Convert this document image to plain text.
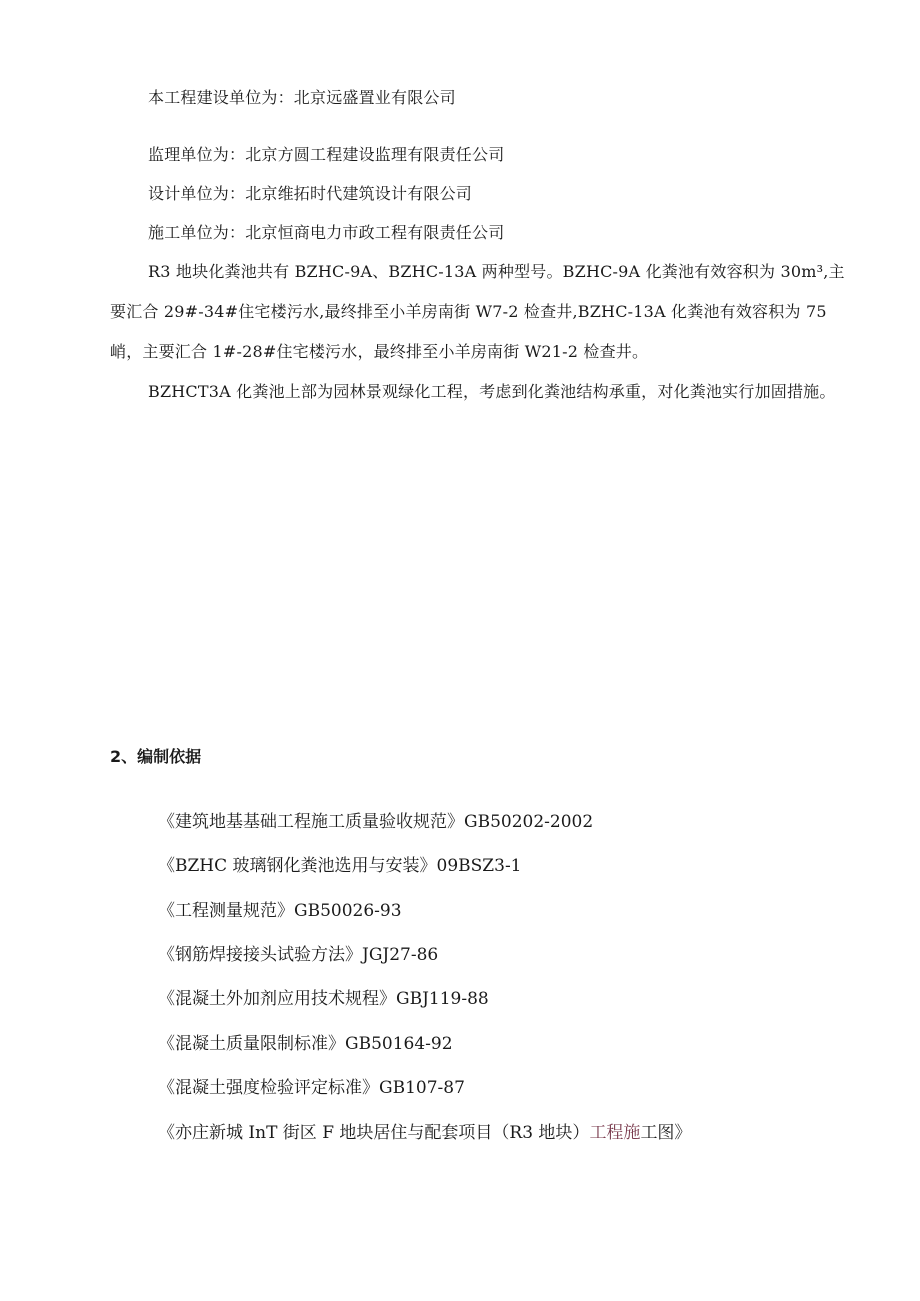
本工程建设单位为：北京远盛置业有限公司
监理单位为：北京方圆工程建设监理有限责任公司
设计单位为：北京维拓时代建筑设计有限公司
施工单位为：北京恒商电力市政工程有限责任公司
R3 地块化粪池共有 BZHC-9A、BZHC-13A 两种型号。BZHC-9A 化粪池有效容积为 30m³,主
要汇合 29#-34#住宅楼污水,最终排至小羊房南街 W7-2 检查井,BZHC-13A 化粪池有效容积为 75
峭，主要汇合 1#-28#住宅楼污水，最终排至小羊房南街 W21-2 检查井。
BZHCT3A 化粪池上部为园林景观绿化工程，考虑到化粪池结构承重，对化粪池实行加固措施。
2、编制依据
《建筑地基基础工程施工质量验收规范》GB50202-2002
《BZHC 玻璃钢化粪池选用与安装》09BSZ3-1
《工程测量规范》GB50026-93
《钢筋焊接接头试验方法》JGJ27-86
《混凝土外加剂应用技术规程》GBJ119-88
《混凝土质量限制标准》GB50164-92
《混凝土强度检验评定标准》GB107-87
《亦庄新城 InT 街区 F 地块居住与配套项目（R3 地块）工程施工图》
